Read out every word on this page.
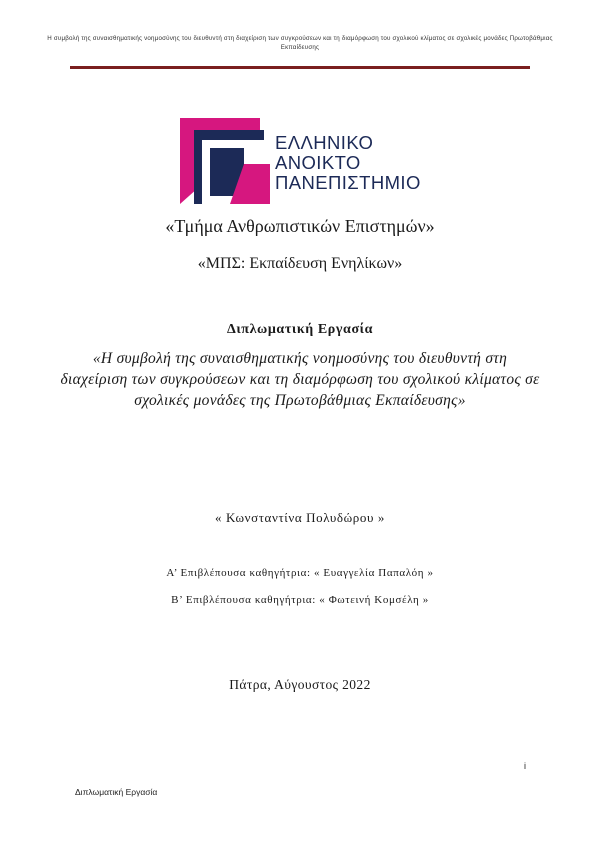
Η συμβολή της συναισθηματικής νοημοσύνης του διευθυντή στη διαχείριση των συγκρούσεων και τη διαμόρφωση του σχολικού κλίματος σε σχολικές μονάδες Πρωτοβάθμιας Εκπαίδευσης
ΕΛΛΗΝΙΚΟ
ΑΝΟΙΚΤΟ
ΠΑΝΕΠΙΣΤΗΜΙΟ
«Τμήμα Ανθρωπιστικών Επιστημών»
«ΜΠΣ: Εκπαίδευση Ενηλίκων»
Διπλωματική Εργασία
«Η συμβολή της συναισθηματικής νοημοσύνης του διευθυντή στη διαχείριση των συγκρούσεων και τη διαμόρφωση του σχολικού κλίματος σε σχολικές μονάδες της Πρωτοβάθμιας Εκπαίδευσης»
« Κωνσταντίνα Πολυδώρου »
Α’ Επιβλέπουσα καθηγήτρια: « Ευαγγελία Παπαλόη »
Β’ Επιβλέπουσα καθηγήτρια: « Φωτεινή Κομσέλη »
Πάτρα, Αύγουστος 2022
i
Διπλωματική Εργασία
